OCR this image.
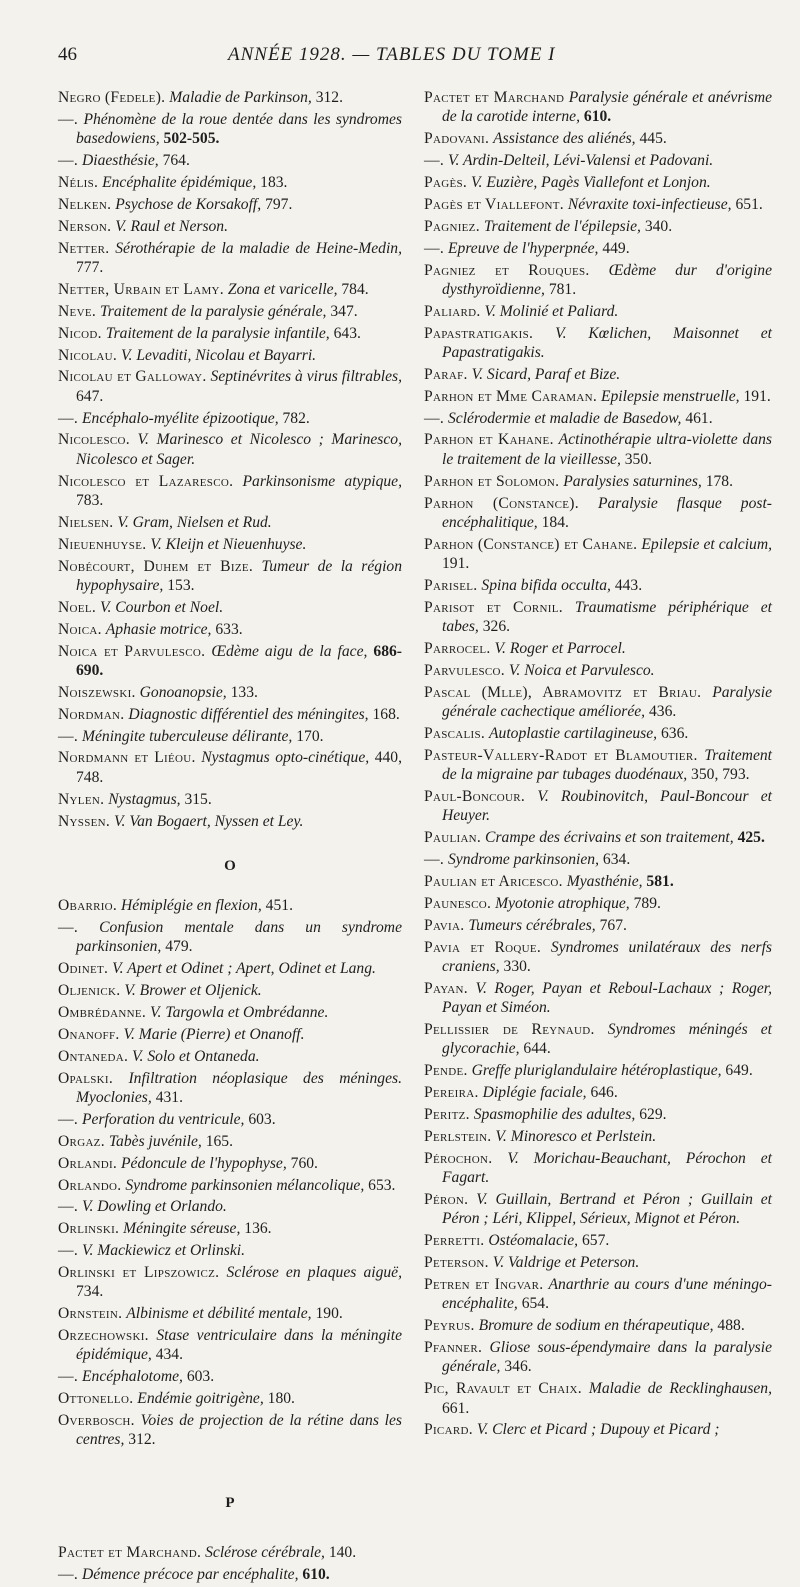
46	ANNÉE 1928. — TABLES DU TOME I

Negro (Fedele). Maladie de Parkinson, 312.

—. Phénomène de la roue dentée dans les syndromes basedowiens, 502-505.

—. Diaesthésie, 764.

Nélis. Encéphalite épidémique, 183.

Nelken. Psychose de Korsakoff, 797.

Nerson. V. Raul et Nerson.

Netter. Sérothérapie de la maladie de Heine-Medin, 777.

Netter, Urbain et Lamy. Zona et varicelle, 784.

Neve. Traitement de la paralysie générale, 347.

Nicod. Traitement de la paralysie infantile, 643.

Nicolau. V. Levaditi, Nicolau et Bayarri.

Nicolau et Galloway. Septinévrites à virus filtrables, 647.

—. Encéphalo-myélite épizootique, 782.

Nicolesco. V. Marinesco et Nicolesco ; Marinesco, Nicolesco et Sager.

Nicolesco et Lazaresco. Parkinsonisme atypique, 783.

Nielsen. V. Gram, Nielsen et Rud.

Nieuenhuyse. V. Kleijn et Nieuenhuyse.

Nobécourt, Duhem et Bize. Tumeur de la région hypophysaire, 153.

Noel. V. Courbon et Noel.

Noica. Aphasie motrice, 633.

Noica et Parvulesco. Œdème aigu de la face, 686-690.

Noiszewski. Gonoanopsie, 133.

Nordman. Diagnostic différentiel des méningites, 168.

—. Méningite tuberculeuse délirante, 170.

Nordmann et Liéou. Nystagmus opto-cinétique, 440, 748.

Nylen. Nystagmus, 315.

Nyssen. V. Van Bogaert, Nyssen et Ley.

O

Obarrio. Hémiplégie en flexion, 451.

—. Confusion mentale dans un syndrome parkinsonien, 479.

Odinet. V. Apert et Odinet ; Apert, Odinet et Lang.

Oljenick. V. Brower et Oljenick.

Ombrédanne. V. Targowla et Ombrédanne.

Onanoff. V. Marie (Pierre) et Onanoff.

Ontaneda. V. Solo et Ontaneda.

Opalski. Infiltration néoplasique des méninges. Myoclonies, 431.

—. Perforation du ventricule, 603.

Orgaz. Tabès juvénile, 165.

Orlandi. Pédoncule de l'hypophyse, 760.

Orlando. Syndrome parkinsonien mélancolique, 653.

—. V. Dowling et Orlando.

Orlinski. Méningite séreuse, 136.

—. V. Mackiewicz et Orlinski.

Orlinski et Lipszowicz. Sclérose en plaques aiguë, 734.

Ornstein. Albinisme et débilité mentale, 190.

Orzechowski. Stase ventriculaire dans la méningite épidémique, 434.

—. Encéphalotome, 603.

Ottonello. Endémie goitrigène, 180.

Overbosch. Voies de projection de la rétine dans les centres, 312.

P

Pactet et Marchand. Sclérose cérébrale, 140.

—. Démence précoce par encéphalite, 610.

Pactet et Marchand Paralysie générale et anévrisme de la carotide interne, 610.

Padovani. Assistance des aliénés, 445.

—. V. Ardin-Delteil, Lévi-Valensi et Padovani.

Pagès. V. Euzière, Pagès Viallefont et Lonjon.

Pagès et Viallefont. Névraxite toxi-infectieuse, 651.

Pagniez. Traitement de l'épilepsie, 340.

—. Epreuve de l'hyperpnée, 449.

Pagniez et Rouques. Œdème dur d'origine dysthyroïdienne, 781.

Paliard. V. Molinié et Paliard.

Papastratigakis. V. Kœlichen, Maisonnet et Papastratigakis.

Paraf. V. Sicard, Paraf et Bize.

Parhon et Mme Caraman. Epilepsie menstruelle, 191.

—. Sclérodermie et maladie de Basedow, 461.

Parhon et Kahane. Actinothérapie ultra-violette dans le traitement de la vieillesse, 350.

Parhon et Solomon. Paralysies saturnines, 178.

Parhon (Constance). Paralysie flasque post-encéphalitique, 184.

Parhon (Constance) et Cahane. Epilepsie et calcium, 191.

Parisel. Spina bifida occulta, 443.

Parisot et Cornil. Traumatisme périphérique et tabes, 326.

Parrocel. V. Roger et Parrocel.

Parvulesco. V. Noica et Parvulesco.

Pascal (Mlle), Abramovitz et Briau. Paralysie générale cachectique améliorée, 436.

Pascalis. Autoplastie cartilagineuse, 636.

Pasteur-Vallery-Radot et Blamoutier. Traitement de la migraine par tubages duodénaux, 350, 793.

Paul-Boncour. V. Roubinovitch, Paul-Boncour et Heuyer.

Paulian. Crampe des écrivains et son traitement, 425.

—. Syndrome parkinsonien, 634.

Paulian et Aricesco. Myasthénie, 581.

Paunesco. Myotonie atrophique, 789.

Pavia. Tumeurs cérébrales, 767.

Pavia et Roque. Syndromes unilatéraux des nerfs craniens, 330.

Payan. V. Roger, Payan et Reboul-Lachaux ; Roger, Payan et Siméon.

Pellissier de Reynaud. Syndromes méningés et glycorachie, 644.

Pende. Greffe pluriglandulaire hétéroplastique, 649.

Pereira. Diplégie faciale, 646.

Peritz. Spasmophilie des adultes, 629.

Perlstein. V. Minoresco et Perlstein.

Pérochon. V. Morichau-Beauchant, Pérochon et Fagart.

Péron. V. Guillain, Bertrand et Péron ; Guillain et Péron ; Léri, Klippel, Sérieux, Mignot et Péron.

Perretti. Ostéomalacie, 657.

Peterson. V. Valdrige et Peterson.

Petren et Ingvar. Anarthrie au cours d'une méningo-encéphalite, 654.

Peyrus. Bromure de sodium en thérapeutique, 488.

Pfanner. Gliose sous-épendymaire dans la paralysie générale, 346.

Pic, Ravault et Chaix. Maladie de Recklinghausen, 661.

Picard. V. Clerc et Picard ; Dupouy et Picard ;
